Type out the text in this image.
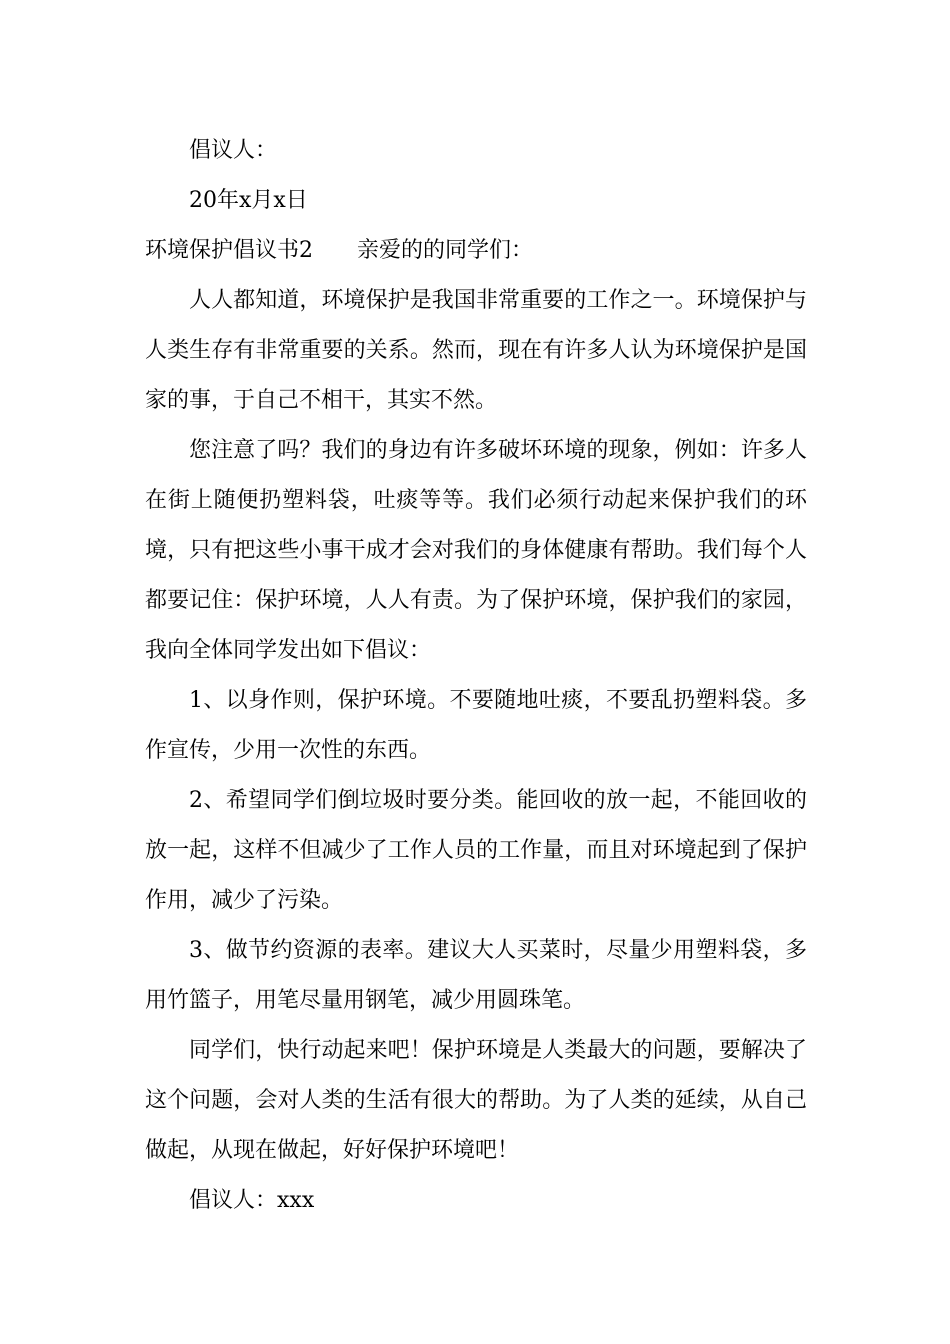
倡议人：
20年x月x日
环境保护倡议书2 亲爱的的同学们：

人人都知道，环境保护是我国非常重要的工作之一。环境保护与人类生存有非常重要的关系。然而，现在有许多人认为环境保护是国家的事，于自己不相干，其实不然。

您注意了吗？我们的身边有许多破坏环境的现象，例如：许多人在街上随便扔塑料袋，吐痰等等。我们必须行动起来保护我们的环境，只有把这些小事干成才会对我们的身体健康有帮助。我们每个人都要记住：保护环境，人人有责。为了保护环境，保护我们的家园，我向全体同学发出如下倡议：

1、以身作则，保护环境。不要随地吐痰，不要乱扔塑料袋。多作宣传，少用一次性的东西。

2、希望同学们倒垃圾时要分类。能回收的放一起，不能回收的放一起，这样不但减少了工作人员的工作量，而且对环境起到了保护作用，减少了污染。

3、做节约资源的表率。建议大人买菜时，尽量少用塑料袋，多用竹篮子，用笔尽量用钢笔，减少用圆珠笔。

同学们，快行动起来吧！保护环境是人类最大的问题，要解决了这个问题，会对人类的生活有很大的帮助。为了人类的延续，从自己做起，从现在做起，好好保护环境吧！

倡议人：xxx
